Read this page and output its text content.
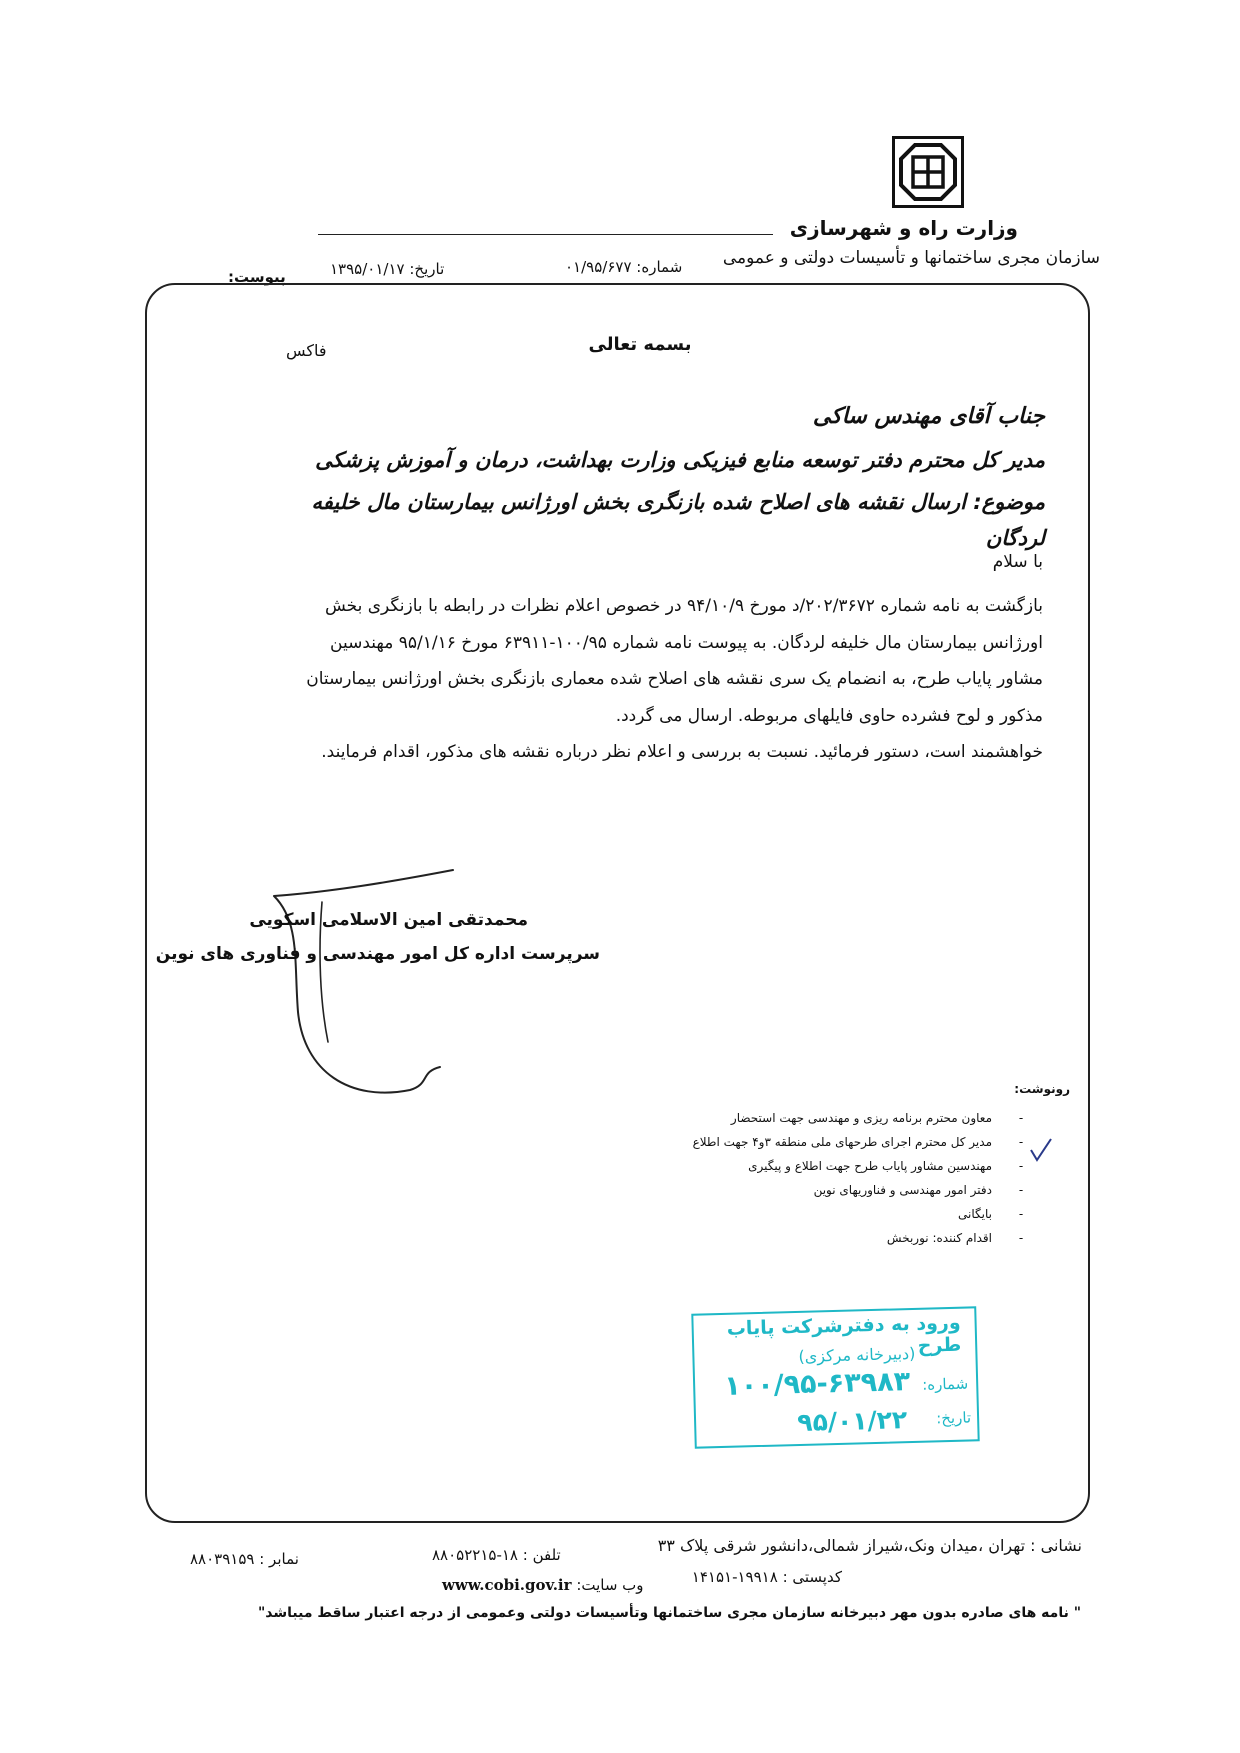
وزارت راه و شهرسازی
سازمان مجری ساختمانها و تأسیسات دولتی و عمومی
شماره: ۰۱/۹۵/۶۷۷
تاریخ: ۱۳۹۵/۰۱/۱۷
پیوست:
بسمه تعالی
فاکس
جناب آقای مهندس ساکی
مدیر کل محترم دفتر توسعه منابع فیزیکی وزارت بهداشت، درمان و آموزش پزشکی
موضوع: ارسال نقشه های اصلاح شده بازنگری بخش اورژانس بیمارستان مال خلیفه لردگان
با سلام
بازگشت به نامه شماره ۲۰۲/۳۶۷۲/د مورخ ۹۴/۱۰/۹ در خصوص اعلام نظرات در رابطه با بازنگری بخش
اورژانس بیمارستان مال خلیفه لردگان. به پیوست نامه شماره ۱۰۰/۹۵-۶۳۹۱۱ مورخ ۹۵/۱/۱۶ مهندسین
مشاور پایاب طرح، به انضمام یک سری نقشه های اصلاح شده معماری بازنگری بخش اورژانس بیمارستان
مذکور و لوح فشرده حاوی فایلهای مربوطه. ارسال می گردد.
خواهشمند است، دستور فرمائید. نسبت به بررسی و اعلام نظر درباره نقشه های مذکور، اقدام فرمایند.
محمدتقی امین الاسلامی اسکویی
سرپرست اداره کل امور مهندسی و فناوری های نوین
رونوشت:
-
معاون محترم برنامه ریزی و مهندسی جهت استحضار
-
مدیر کل محترم اجرای طرحهای ملی منطقه ۳و۴ جهت اطلاع
-
مهندسین مشاور پایاب طرح جهت اطلاع و پیگیری
-
دفتر امور مهندسی و فناوریهای نوین
-
بایگانی
-
اقدام کننده: نوربخش
ورود به دفترشرکت پایاب طرح
(دبیرخانه مرکزی)
شماره:
۱۰۰/۹۵-۶۳۹۸۳
تاریخ:
۹۵/۰۱/۲۲
نشانی : تهران ،میدان ونک،شیراز شمالی،دانشور شرقی پلاک ۳۳
تلفن : ۱۸-۸۸۰۵۲۲۱۵
نمابر : ۸۸۰۳۹۱۵۹
کدپستی : ۱۹۹۱۸-۱۴۱۵۱
وب سایت: www.cobi.gov.ir
" نامه های صادره بدون مهر دبیرخانه سازمان مجری ساختمانها وتأسیسات دولتی وعمومی از درجه اعتبار ساقط میباشد"
